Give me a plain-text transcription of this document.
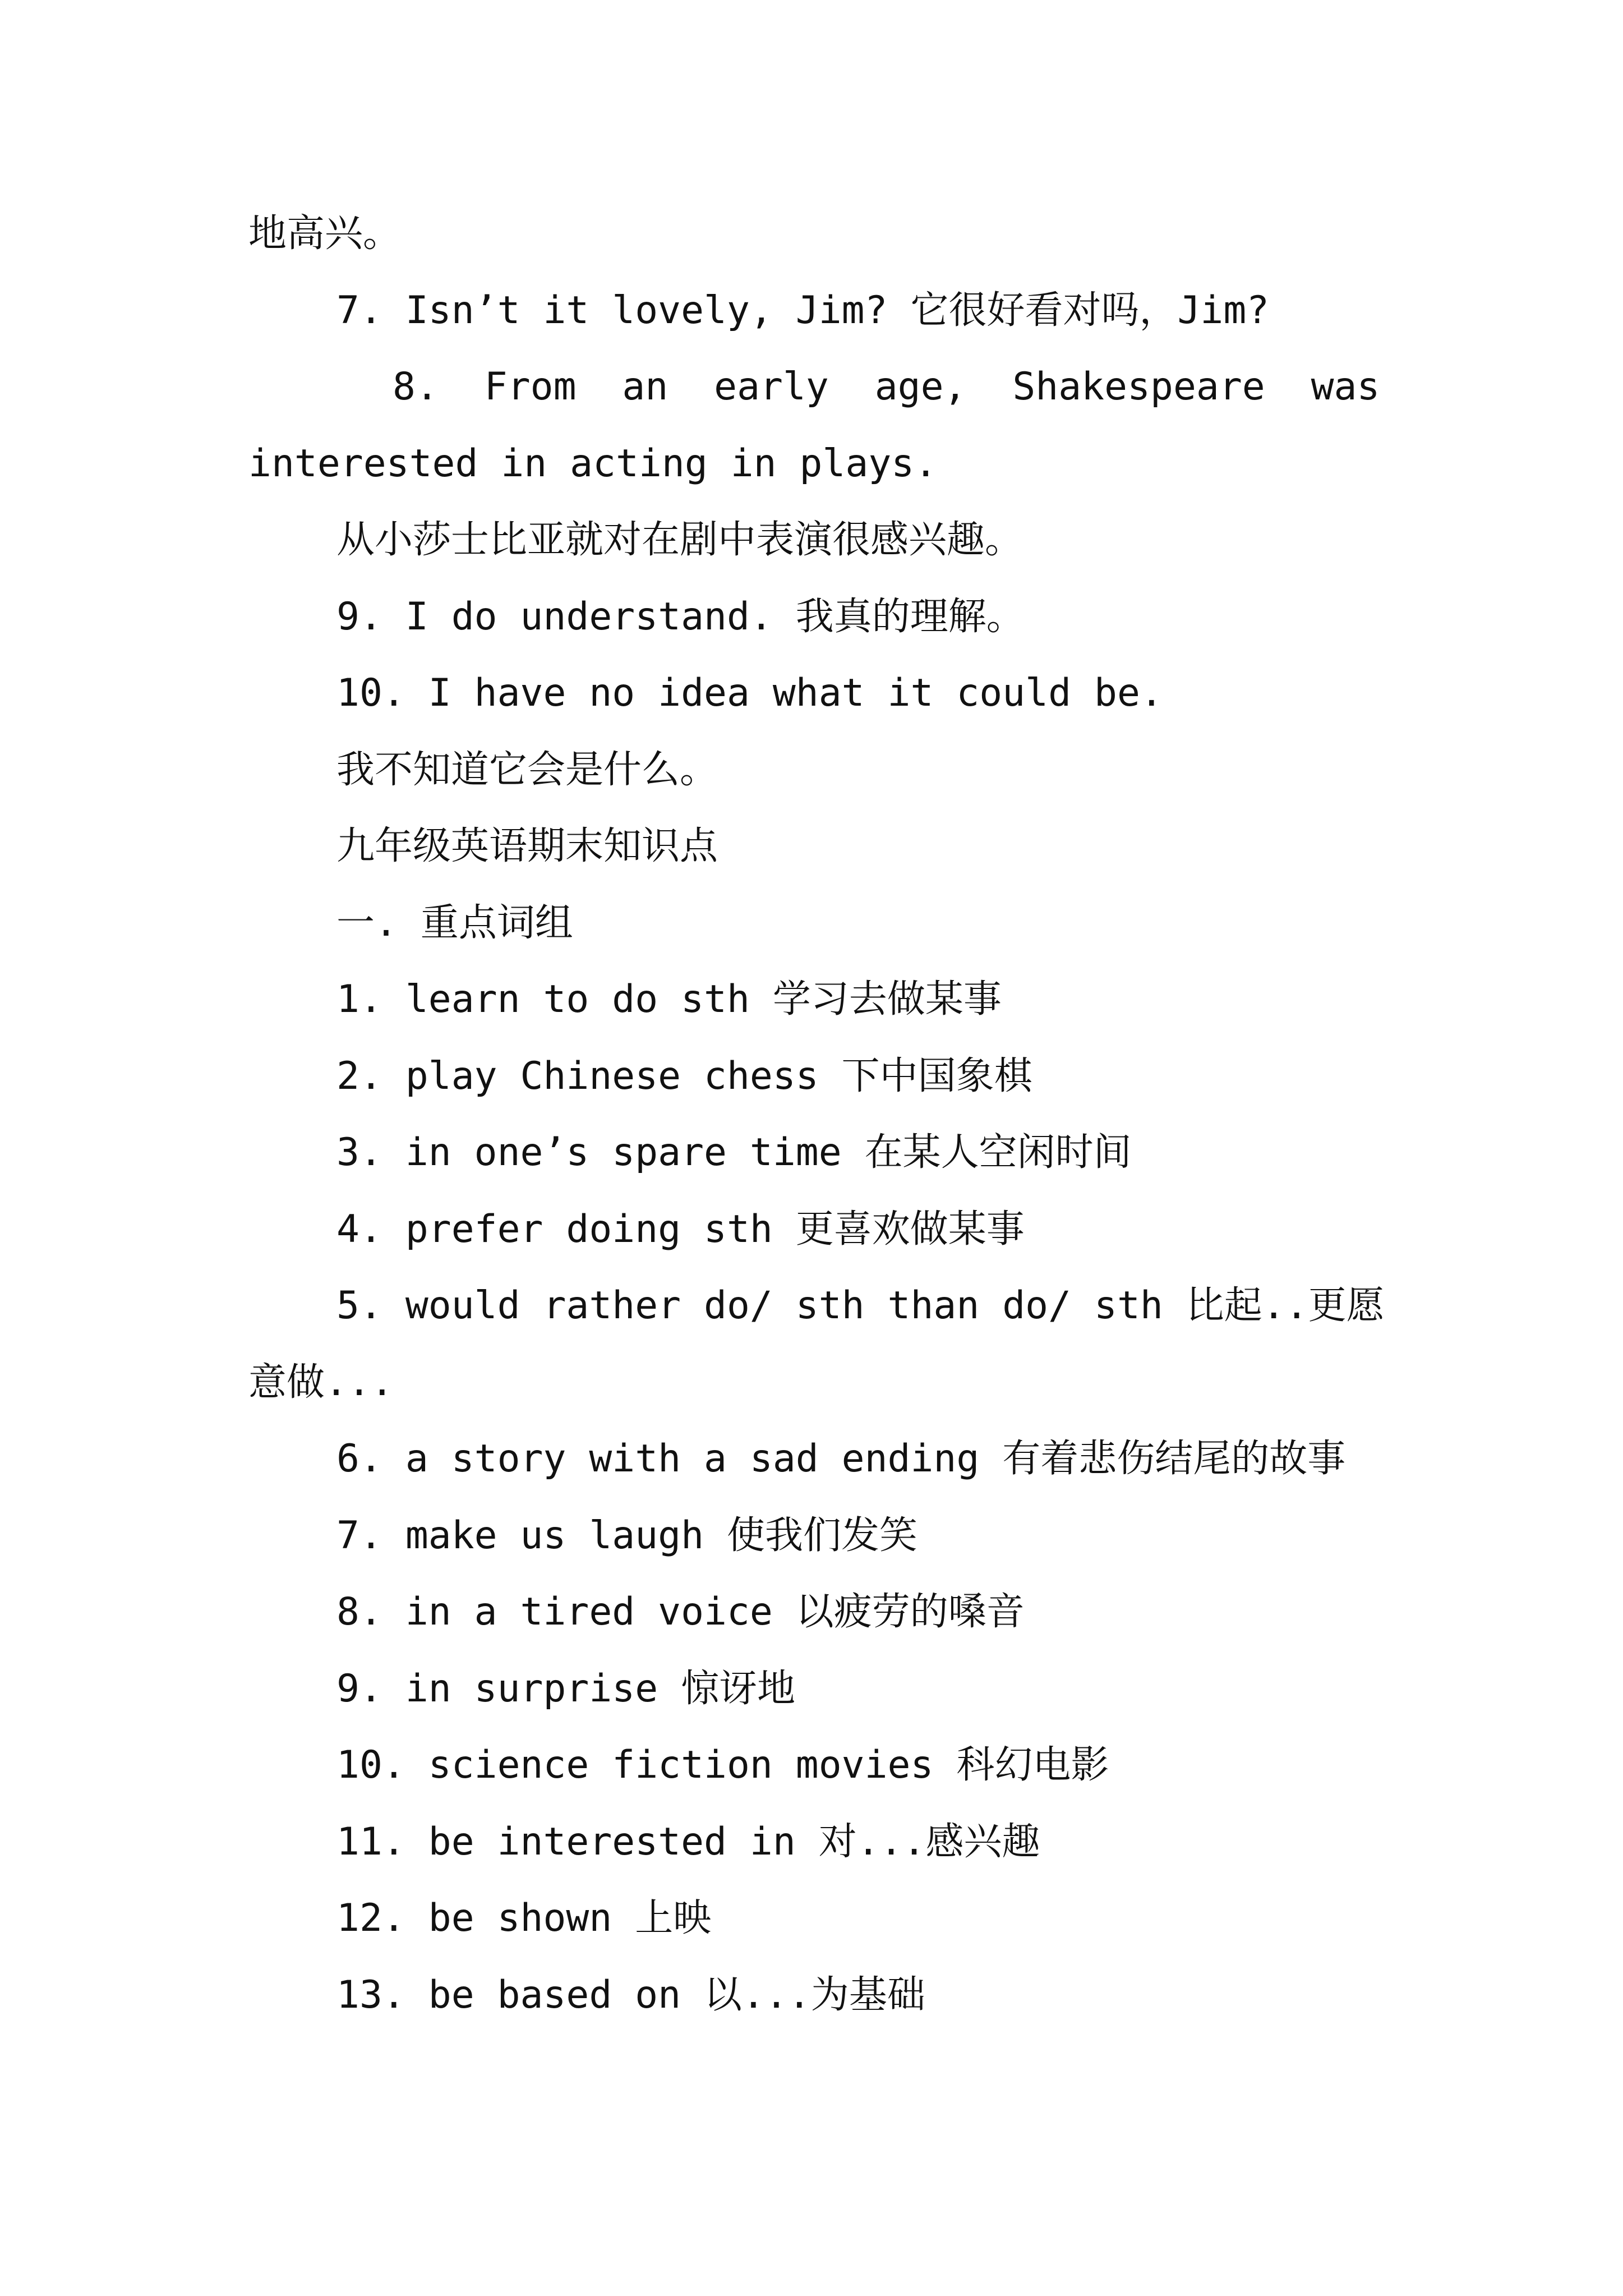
地高兴。
7. Isn’t it lovely, Jim? 它很好看对吗，Jim?
8.  From  an  early  age,  Shakespeare  was
interested in acting in plays.
从小莎士比亚就对在剧中表演很感兴趣。
9. I do understand. 我真的理解。
10. I have no idea what it could be.
我不知道它会是什么。
九年级英语期末知识点
一. 重点词组
1. learn to do sth 学习去做某事
2. play Chinese chess 下中国象棋
3. in one’s spare time 在某人空闲时间
4. prefer doing sth 更喜欢做某事
5. would rather do/ sth than do/ sth 比起..更愿
意做...
6. a story with a sad ending 有着悲伤结尾的故事
7. make us laugh 使我们发笑
8. in a tired voice 以疲劳的嗓音
9. in surprise 惊讶地
10. science fiction movies 科幻电影
11. be interested in 对...感兴趣
12. be shown 上映
13. be based on 以...为基础
